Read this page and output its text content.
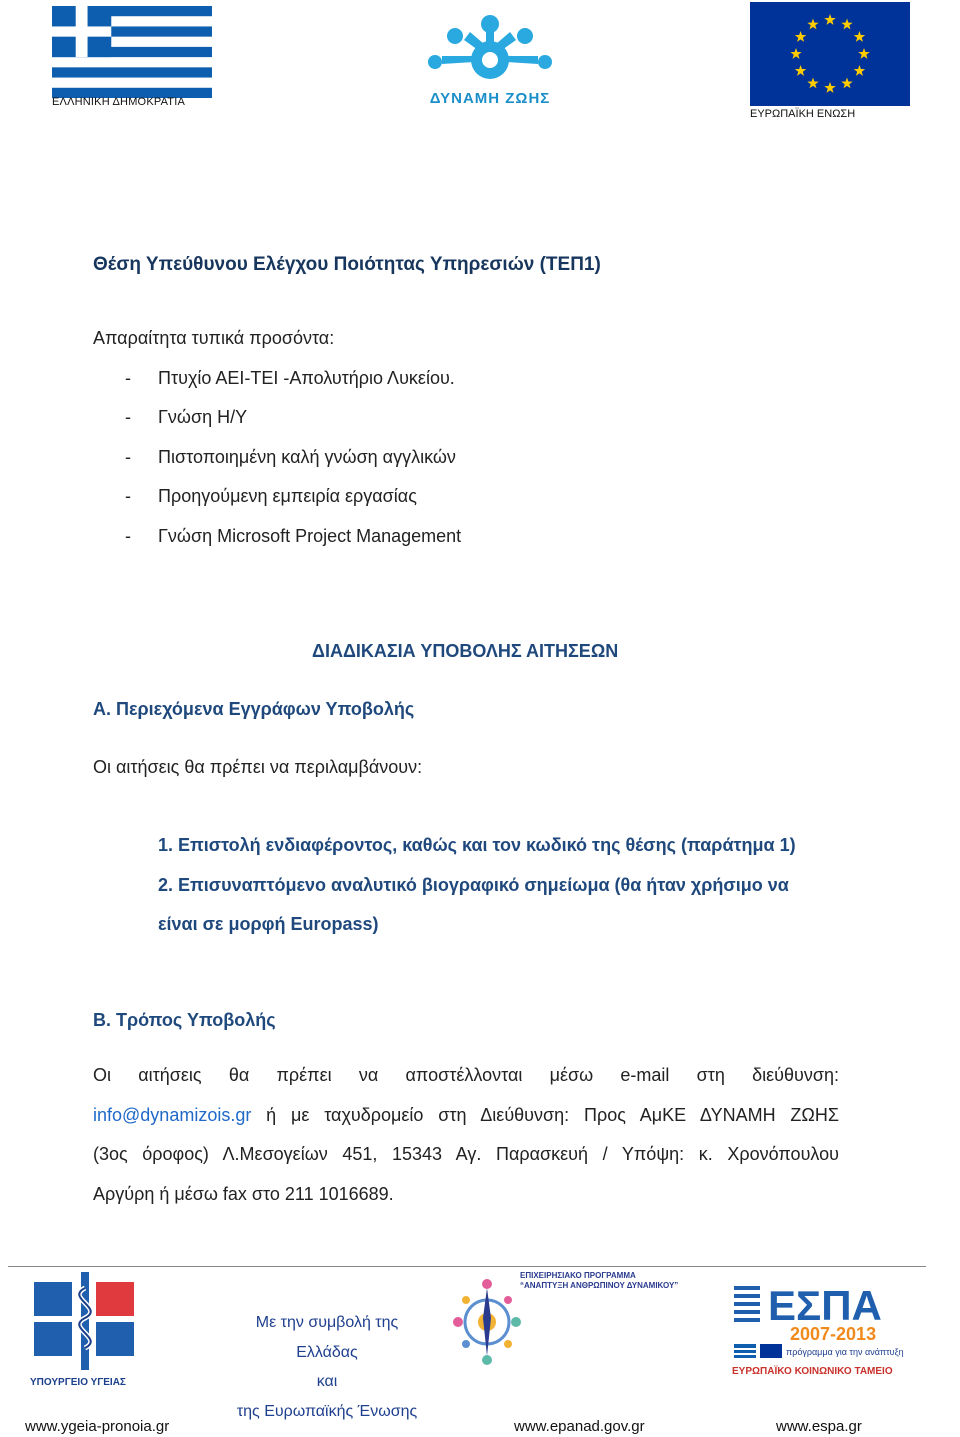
ΕΛΛΗΝΙΚΗ ΔΗΜΟΚΡΑΤΙΑ	ΔΥΝΑΜΗ ΖΩΗΣ
ΕΥΡΩΠΑΪΚΗ ΕΝΩΣΗ
Θέση Υπεύθυνου Ελέγχου Ποιότητας Υπηρεσιών (ΤΕΠ1)
Απαραίτητα τυπικά προσόντα:
- Πτυχίο ΑΕΙ-ΤΕΙ -Απολυτήριο Λυκείου.
- Γνώση Η/Υ
- Πιστοποιημένη καλή γνώση αγγλικών
- Προηγούμενη εμπειρία εργασίας
- Γνώση Microsoft Project Management
ΔΙΑΔΙΚΑΣΙΑ ΥΠΟΒΟΛΗΣ ΑΙΤΗΣΕΩΝ
Α. Περιεχόμενα Εγγράφων Υποβολής
Οι αιτήσεις θα πρέπει να περιλαμβάνουν:
1. Επιστολή ενδιαφέροντος, καθώς και τον κωδικό της θέσης (παράτημα 1)
2. Επισυναπτόμενο αναλυτικό βιογραφικό σημείωμα (θα ήταν χρήσιμο να
είναι σε μορφή Europass)
Β. Τρόπος Υποβολής
Οι αιτήσεις θα πρέπει να αποστέλλονται μέσω e-mail στη διεύθυνση:
info@dynamizois.gr ή με ταχυδρομείο στη Διεύθυνση: Προς ΑμΚΕ ΔΥΝΑΜΗ ΖΩΗΣ
(3ος όροφος) Λ.Μεσογείων 451, 15343 Αγ. Παρασκευή / Υπόψη: κ. Χρονόπουλου
Αργύρη ή μέσω fax στο 211 1016689.
ΥΠΟΥΡΓΕΙΟ ΥΓΕΙΑΣ
Με την συμβολή της
Ελλάδας
και
της Ευρωπαϊκής Ένωσης
ΕΠΙΧΕΙΡΗΣΙΑΚΟ ΠΡΟΓΡΑΜΜΑ
“ΑΝΑΠΤΥΞΗ ΑΝΘΡΩΠΙΝΟΥ ΔΥΝΑΜΙΚΟΥ” ΕΣΠΑ
2007-2013
πρόγραμμα για την ανάπτυξη
ΕΥΡΩΠΑΪΚΟ ΚΟΙΝΩΝΙΚΟ ΤΑΜΕΙΟ
www.ygeia-pronoia.gr	www.epanad.gov.gr	www.espa.gr
